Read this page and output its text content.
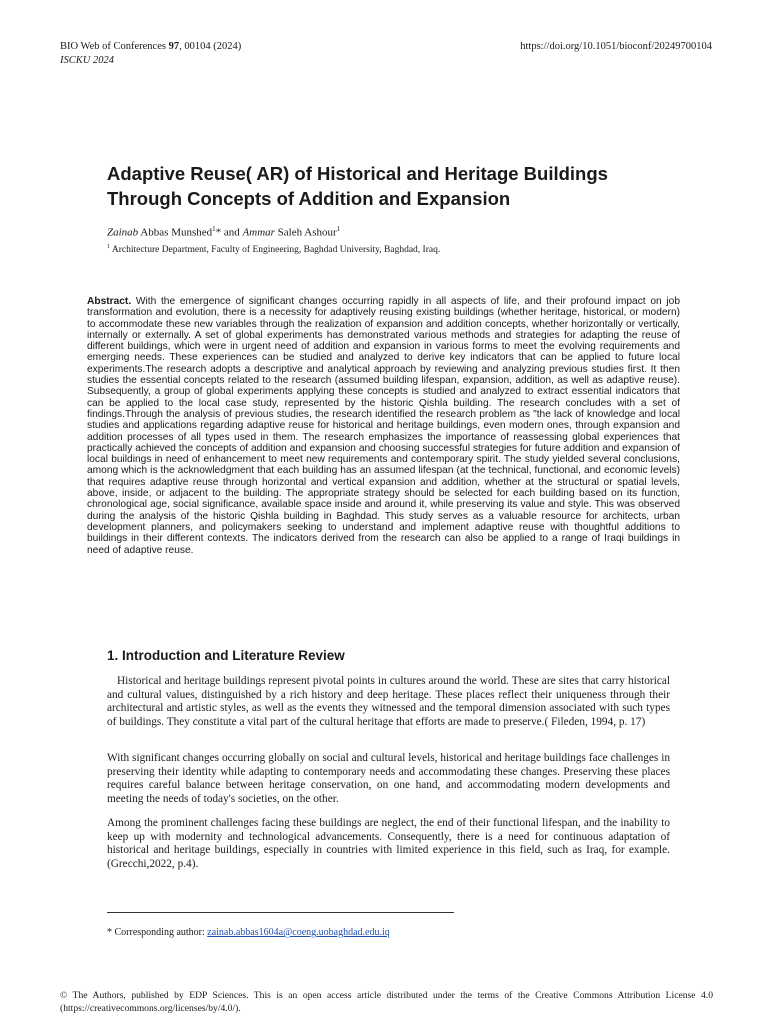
BIO Web of Conferences 97, 00104 (2024)
ISCKU 2024
https://doi.org/10.1051/bioconf/20249700104
Adaptive Reuse( AR) of Historical and Heritage Buildings Through Concepts of Addition and Expansion
Zainab Abbas Munshed$^1$* and Ammar Saleh Ashour$^1$
$^1$ Architecture Department, Faculty of Engineering, Baghdad University, Baghdad, Iraq.

Abstract. With the emergence of significant changes occurring rapidly in all aspects of life, and their profound impact on job transformation and evolution, there is a necessity for adaptively reusing existing buildings (whether heritage, historical, or modern) to accommodate these new variables through the realization of expansion and addition concepts, whether horizontally or vertically, internally or externally. A set of global experiments has demonstrated various methods and strategies for adapting the reuse of different buildings, which were in urgent need of addition and expansion in various forms to meet the evolving requirements and emerging needs. These experiences can be studied and analyzed to derive key indicators that can be applied to future local experiments.The research adopts a descriptive and analytical approach by reviewing and analyzing previous studies first. It then studies the essential concepts related to the research (assumed building lifespan, expansion, addition, as well as adaptive reuse). Subsequently, a group of global experiments applying these concepts is studied and analyzed to extract essential indicators that can be applied to the local case study, represented by the historic Qishla building. The research concludes with a set of findings.Through the analysis of previous studies, the research identified the research problem as "the lack of knowledge and local studies and applications regarding adaptive reuse for historical and heritage buildings, even modern ones, through expansion and addition processes of all types used in them. The research emphasizes the importance of reassessing global experiences that practically achieved the concepts of addition and expansion and choosing successful strategies for future addition and expansion of local buildings in need of enhancement to meet new requirements and contemporary spirit. The study yielded several conclusions, among which is the acknowledgment that each building has an assumed lifespan (at the technical, functional, and economic levels) that requires adaptive reuse through horizontal and vertical expansion and addition, whether at the structural or spatial levels, above, inside, or adjacent to the building. The appropriate strategy should be selected for each building based on its function, chronological age, social significance, available space inside and around it, while preserving its value and style. This was observed during the analysis of the historic Qishla building in Baghdad. This study serves as a valuable resource for architects, urban development planners, and policymakers seeking to understand and implement adaptive reuse with thoughtful additions to buildings in their different contexts. The indicators derived from the research can also be applied to a range of Iraqi buildings in need of adaptive reuse.

1. Introduction and Literature Review

Historical and heritage buildings represent pivotal points in cultures around the world. These are sites that carry historical and cultural values, distinguished by a rich history and deep heritage. These places reflect their uniqueness through their architectural and artistic styles, as well as the events they witnessed and the temporal dimension associated with such types of buildings. They constitute a vital part of the cultural heritage that efforts are made to preserve.( Fileden, 1994, p. 17)

With significant changes occurring globally on social and cultural levels, historical and heritage buildings face challenges in preserving their identity while adapting to contemporary needs and accommodating these changes. Preserving these places requires careful balance between heritage conservation, on one hand, and accommodating modern developments and meeting the needs of today's societies, on the other.

Among the prominent challenges facing these buildings are neglect, the end of their functional lifespan, and the inability to keep up with modernity and technological advancements. Consequently, there is a need for continuous adaptation of historical and heritage buildings, especially in countries with limited experience in this field, such as Iraq, for example. (Grecchi,2022, p.4).

* Corresponding author: zainab.abbas1604a@coeng.uobaghdad.edu.iq

© The Authors, published by EDP Sciences. This is an open access article distributed under the terms of the Creative Commons Attribution License 4.0 (https://creativecommons.org/licenses/by/4.0/).
